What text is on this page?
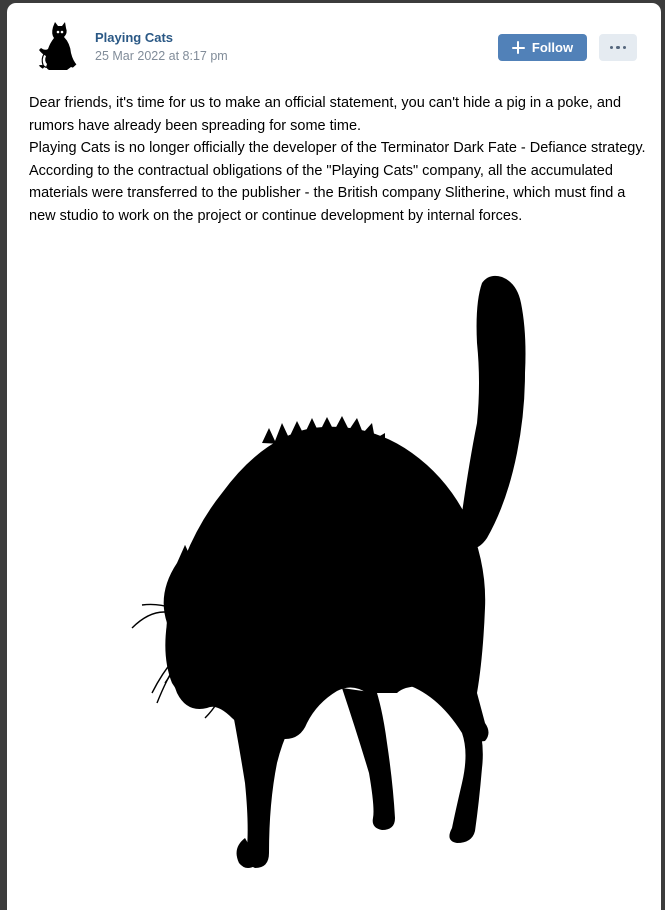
Playing Cats
25 Mar 2022 at 8:17 pm
Follow

Dear friends, it's time for us to make an official statement, you can't hide a pig in a poke, and rumors have already been spreading for some time.

Playing Cats is no longer officially the developer of the Terminator Dark Fate - Defiance strategy.

According to the contractual obligations of the "Playing Cats" company, all the accumulated materials were transferred to the publisher - the British company Slitherine, which must find a new studio to work on the project or continue development by internal forces.
